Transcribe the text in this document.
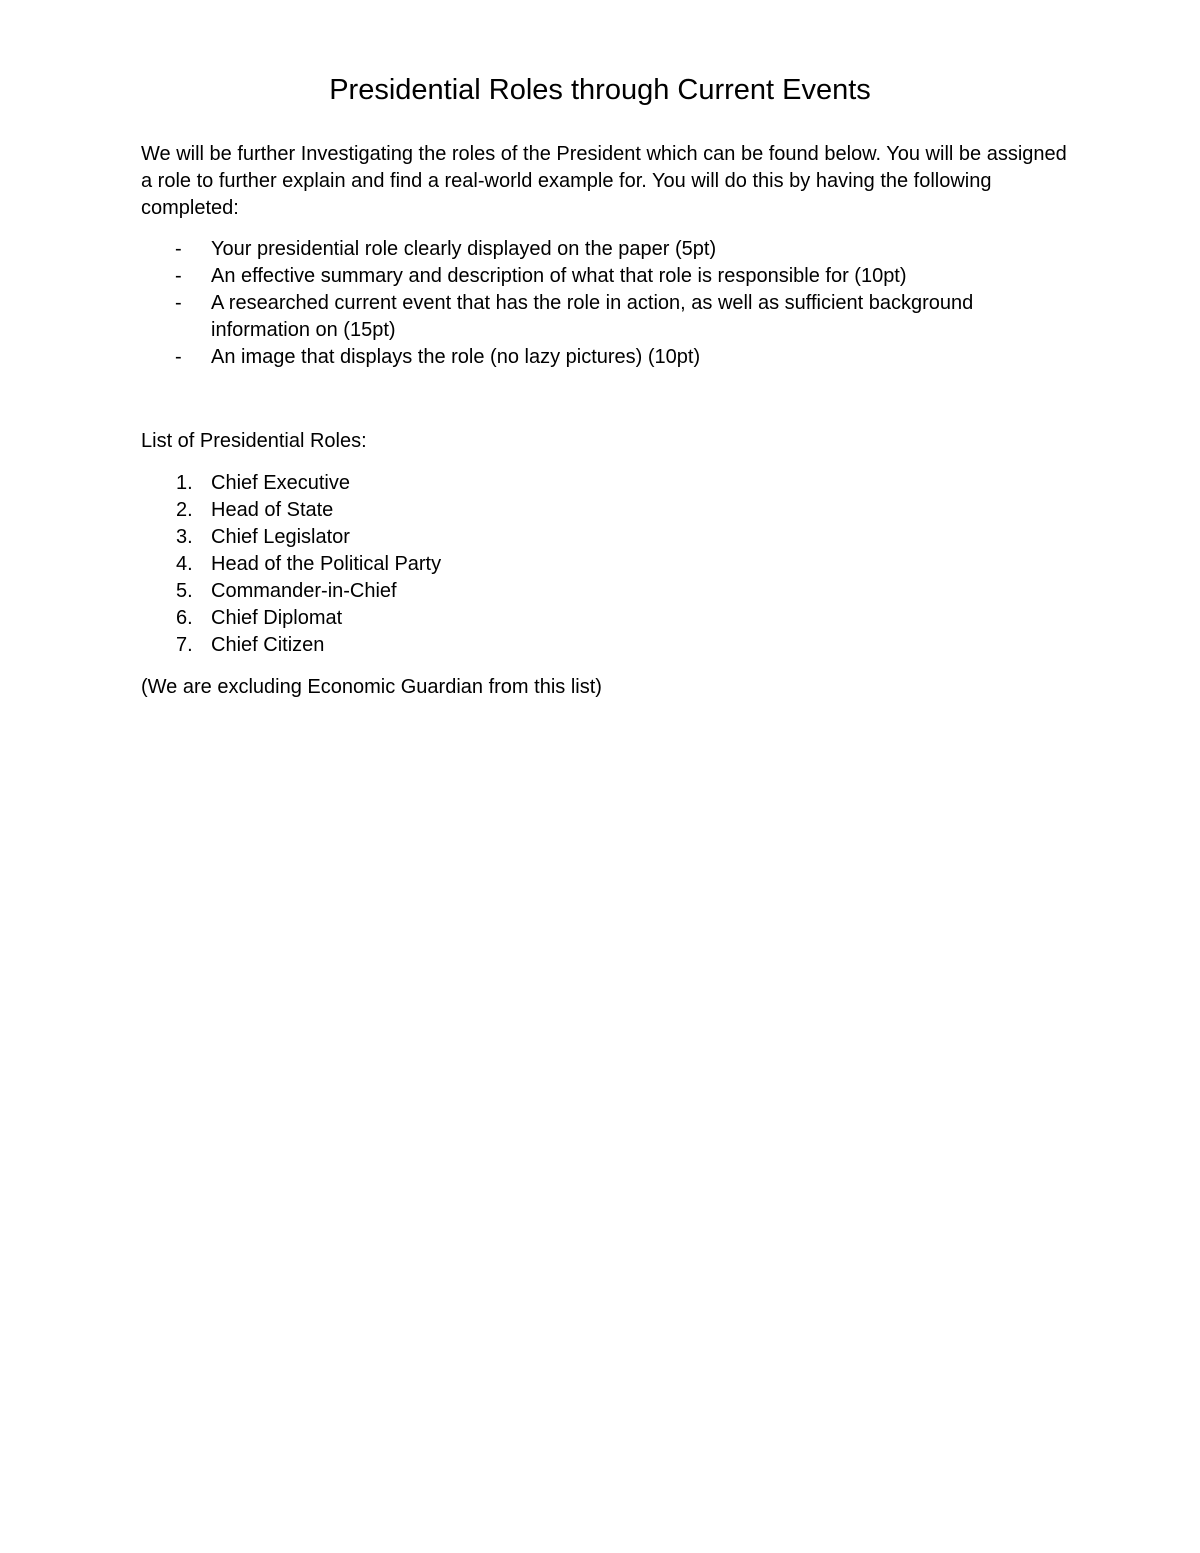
Presidential Roles through Current Events

We will be further Investigating the roles of the President which can be found below. You will be assigned a role to further explain and find a real-world example for. You will do this by having the following completed:

- Your presidential role clearly displayed on the paper (5pt)
- An effective summary and description of what that role is responsible for (10pt)
- A researched current event that has the role in action, as well as sufficient background information on (15pt)
- An image that displays the role (no lazy pictures) (10pt)

List of Presidential Roles:

1. Chief Executive
2. Head of State
3. Chief Legislator
4. Head of the Political Party
5. Commander-in-Chief
6. Chief Diplomat
7. Chief Citizen

(We are excluding Economic Guardian from this list)
